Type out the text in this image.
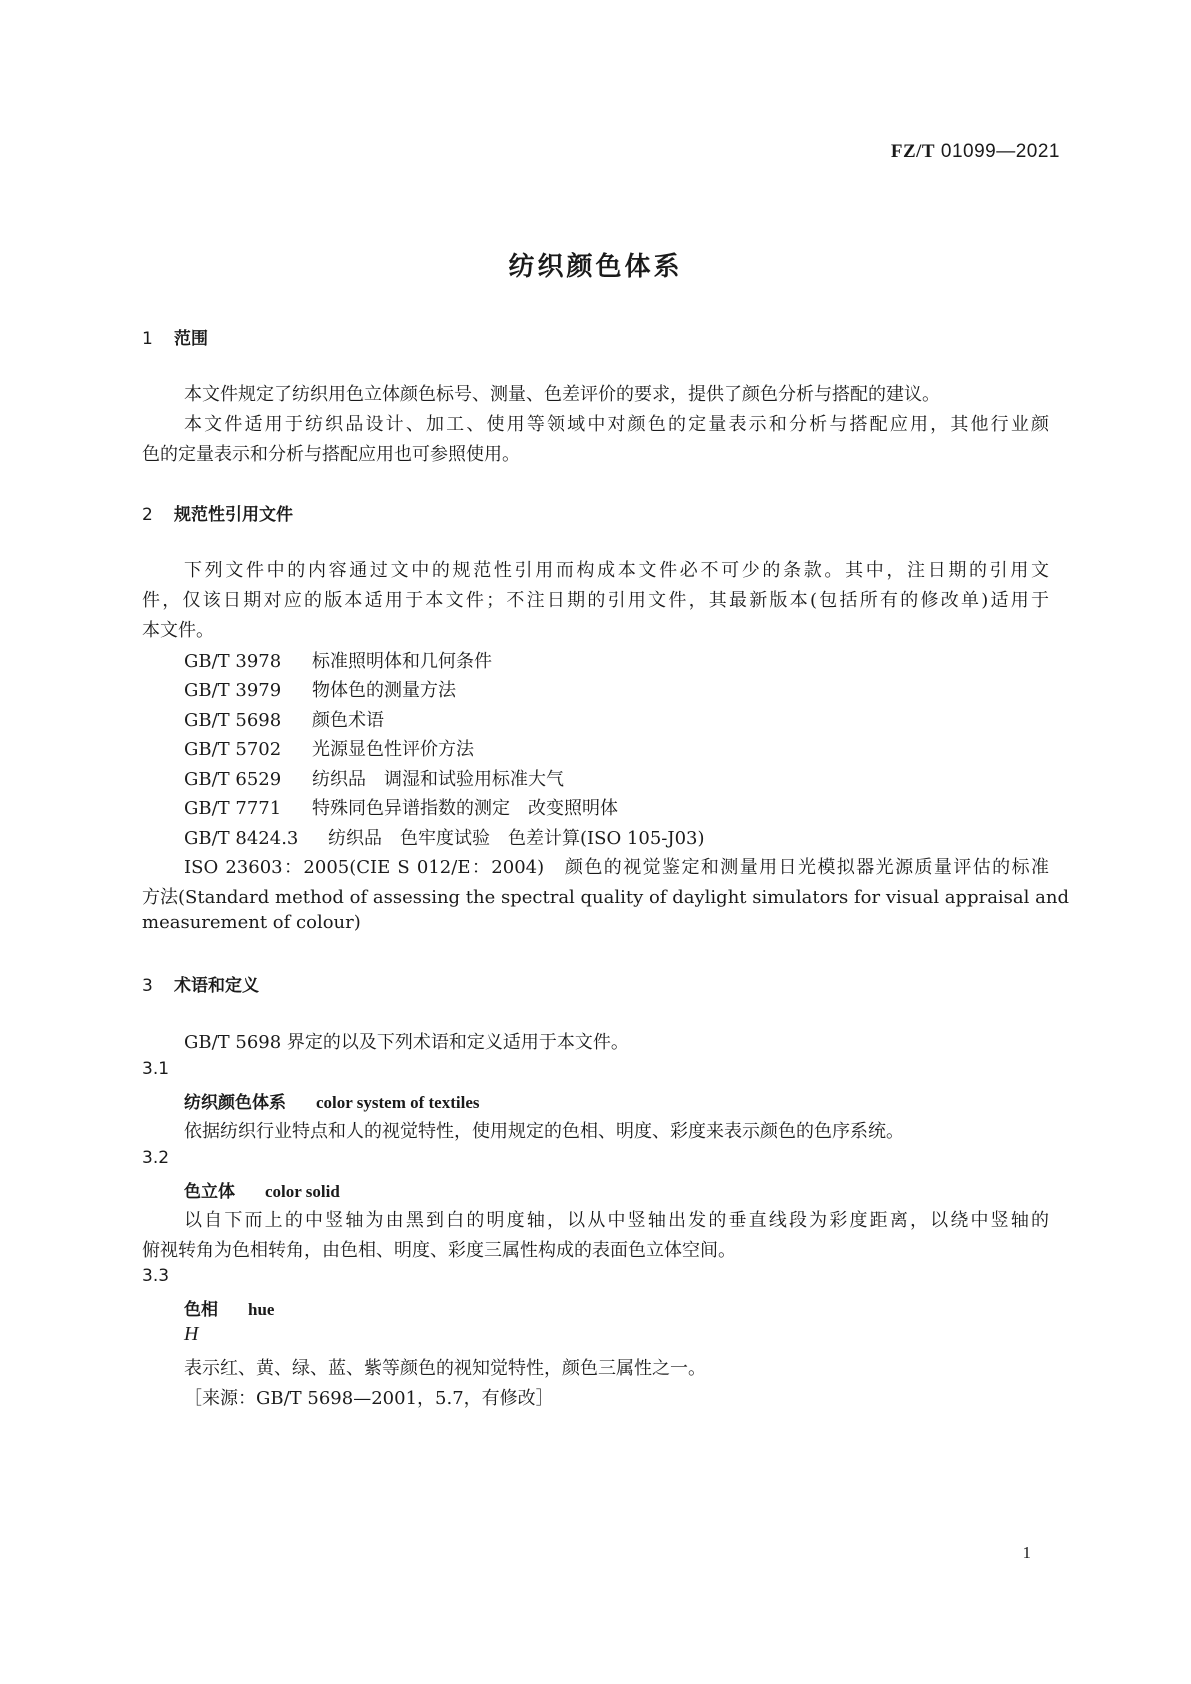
FZ/T 01099—2021
纺织颜色体系
1 范围
本文件规定了纺织用色立体颜色标号、测量、色差评价的要求，提供了颜色分析与搭配的建议。
本文件适用于纺织品设计、加工、使用等领域中对颜色的定量表示和分析与搭配应用，其他行业颜
色的定量表示和分析与搭配应用也可参照使用。
2 规范性引用文件
下列文件中的内容通过文中的规范性引用而构成本文件必不可少的条款。其中，注日期的引用文
件，仅该日期对应的版本适用于本文件；不注日期的引用文件，其最新版本(包括所有的修改单)适用于
本文件。
GB/T 3978 标准照明体和几何条件
GB/T 3979 物体色的测量方法
GB/T 5698 颜色术语
GB/T 5702 光源显色性评价方法
GB/T 6529 纺织品　调湿和试验用标准大气
GB/T 7771 特殊同色异谱指数的测定　改变照明体
GB/T 8424.3 纺织品　色牢度试验　色差计算(ISO 105-J03)
ISO 23603：2005(CIE S 012/E：2004)　颜色的视觉鉴定和测量用日光模拟器光源质量评估的标准
方法(Standard method of assessing the spectral quality of daylight simulators for visual appraisal and
measurement of colour)
3 术语和定义
GB/T 5698 界定的以及下列术语和定义适用于本文件。
3.1
纺织颜色体系 color system of textiles
依据纺织行业特点和人的视觉特性，使用规定的色相、明度、彩度来表示颜色的色序系统。
3.2
色立体 color solid
以自下而上的中竖轴为由黑到白的明度轴，以从中竖轴出发的垂直线段为彩度距离，以绕中竖轴的
俯视转角为色相转角，由色相、明度、彩度三属性构成的表面色立体空间。
3.3
色相 hue
H
表示红、黄、绿、蓝、紫等颜色的视知觉特性，颜色三属性之一。
［来源：GB/T 5698—2001，5.7，有修改］
1
